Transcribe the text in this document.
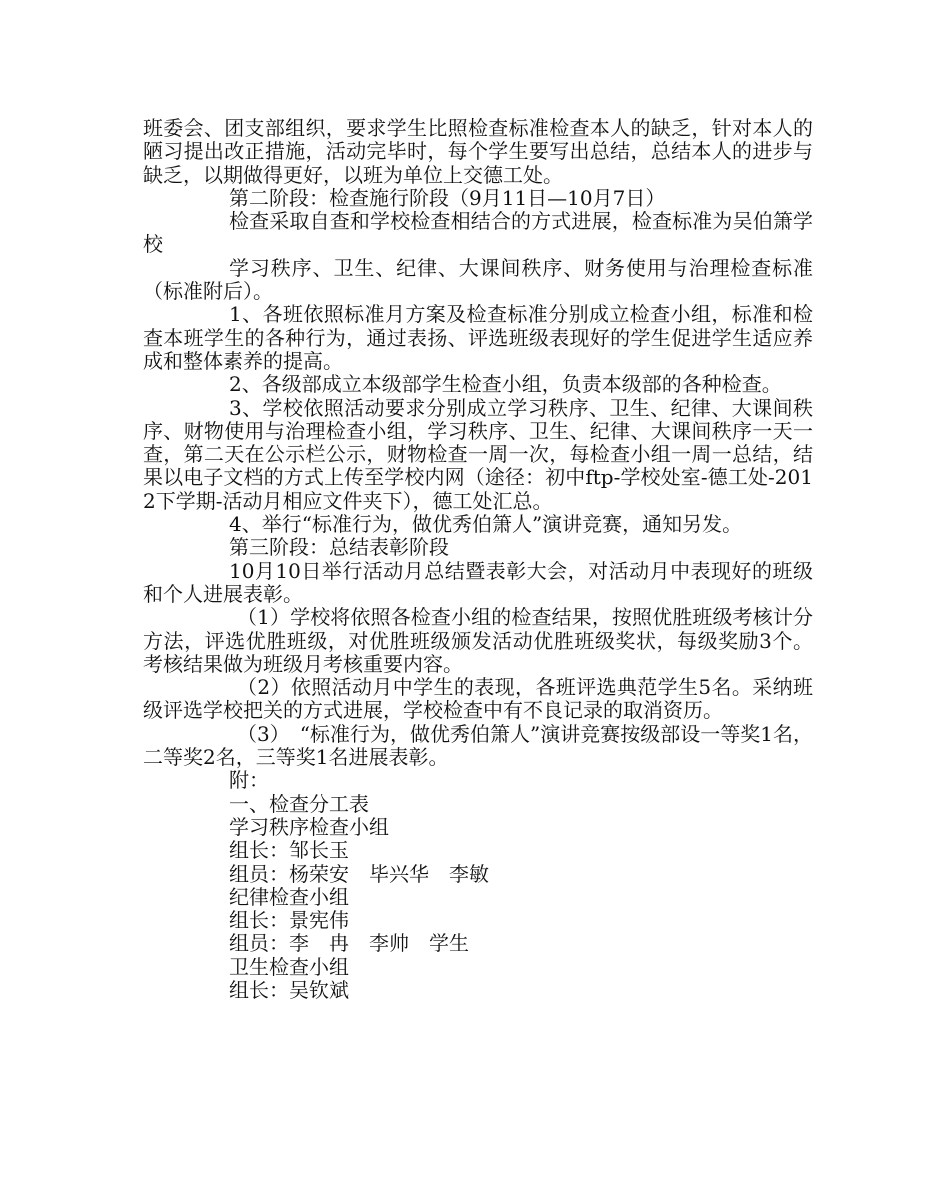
班委会、团支部组织，要求学生比照检查标准检查本人的缺乏，针对本人的陋习提出改正措施，活动完毕时，每个学生要写出总结，总结本人的进步与缺乏，以期做得更好，以班为单位上交德工处。

第二阶段：检查施行阶段（9月11日—10月7日）

检查采取自查和学校检查相结合的方式进展，检查标准为吴伯箫学校

学习秩序、卫生、纪律、大课间秩序、财务使用与治理检查标准（标准附后）。

1、各班依照标准月方案及检查标准分别成立检查小组，标准和检查本班学生的各种行为，通过表扬、评选班级表现好的学生促进学生适应养成和整体素养的提高。

2、各级部成立本级部学生检查小组，负责本级部的各种检查。

3、学校依照活动要求分别成立学习秩序、卫生、纪律、大课间秩序、财物使用与治理检查小组，学习秩序、卫生、纪律、大课间秩序一天一查，第二天在公示栏公示，财物检查一周一次，每检查小组一周一总结，结果以电子文档的方式上传至学校内网（途径：初中ftp-学校处室-德工处-2012下学期-活动月相应文件夹下），德工处汇总。

4、举行“标准行为，做优秀伯箫人”演讲竞赛，通知另发。

第三阶段：总结表彰阶段

10月10日举行活动月总结暨表彰大会，对活动月中表现好的班级和个人进展表彰。

（1）学校将依照各检查小组的检查结果，按照优胜班级考核计分方法，评选优胜班级，对优胜班级颁发活动优胜班级奖状，每级奖励3个。考核结果做为班级月考核重要内容。

（2）依照活动月中学生的表现，各班评选典范学生5名。采纳班级评选学校把关的方式进展，学校检查中有不良记录的取消资历。

（3）　“标准行为，做优秀伯箫人”演讲竞赛按级部设一等奖1名，二等奖2名，三等奖1名进展表彰。

附：

一、检查分工表

学习秩序检查小组

组长：邹长玉

组员：杨荣安　毕兴华　李敏

纪律检查小组

组长：景宪伟

组员：李　冉　李帅　学生

卫生检查小组

组长：吴钦斌
